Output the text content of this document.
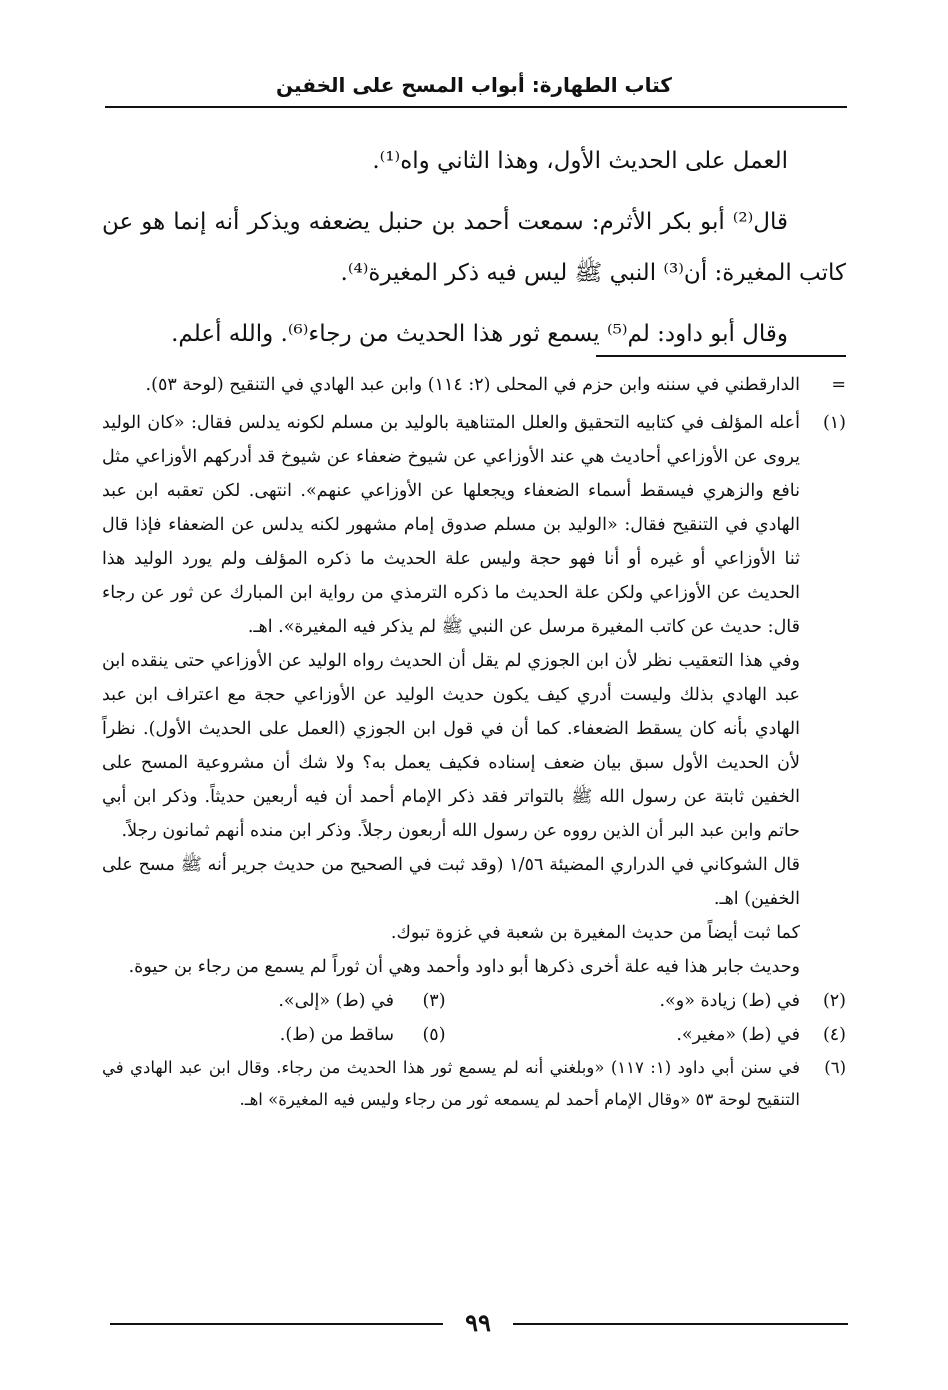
كتاب الطهارة: أبواب المسح على الخفين

العمل على الحديث الأول، وهذا الثاني واه⁽¹⁾.

قال⁽²⁾ أبو بكر الأثرم: سمعت أحمد بن حنبل يضعفه ويذكر أنه إنما هو عن كاتب المغيرة: أن⁽³⁾ النبي ﷺ ليس فيه ذكر المغيرة⁽⁴⁾.

وقال أبو داود: لم⁽⁵⁾ يسمع ثور هذا الحديث من رجاء⁽⁶⁾. والله أعلم.

=

الدارقطني في سننه وابن حزم في المحلى (٢: ١١٤) وابن عبد الهادي في التنقيح (لوحة ٥٣).

(١)

أعله المؤلف في كتابيه التحقيق والعلل المتناهية بالوليد بن مسلم لكونه يدلس فقال: «كان الوليد يروى عن الأوزاعي أحاديث هي عند الأوزاعي عن شيوخ ضعفاء عن شيوخ قد أدركهم الأوزاعي مثل نافع والزهري فيسقط أسماء الضعفاء ويجعلها عن الأوزاعي عنهم». انتهى. لكن تعقبه ابن عبد الهادي في التنقيح فقال: «الوليد بن مسلم صدوق إمام مشهور لكنه يدلس عن الضعفاء فإذا قال ثنا الأوزاعي أو غيره أو أنا فهو حجة وليس علة الحديث ما ذكره المؤلف ولم يورد الوليد هذا الحديث عن الأوزاعي ولكن علة الحديث ما ذكره الترمذي من رواية ابن المبارك عن ثور عن رجاء قال: حديث عن كاتب المغيرة مرسل عن النبي ﷺ لم يذكر فيه المغيرة». اهـ.

وفي هذا التعقيب نظر لأن ابن الجوزي لم يقل أن الحديث رواه الوليد عن الأوزاعي حتى ينقده ابن عبد الهادي بذلك وليست أدري كيف يكون حديث الوليد عن الأوزاعي حجة مع اعتراف ابن عبد الهادي بأنه كان يسقط الضعفاء. كما أن في قول ابن الجوزي (العمل على الحديث الأول). نظراً لأن الحديث الأول سبق بيان ضعف إسناده فكيف يعمل به؟ ولا شك أن مشروعية المسح على الخفين ثابتة عن رسول الله ﷺ بالتواتر فقد ذكر الإمام أحمد أن فيه أربعين حديثاً. وذكر ابن أبي حاتم وابن عبد البر أن الذين رووه عن رسول الله أربعون رجلاً. وذكر ابن منده أنهم ثمانون رجلاً.

قال الشوكاني في الدراري المضيئة ١/٥٦ (وقد ثبت في الصحيح من حديث جرير أنه ﷺ مسح على الخفين) اهـ.

كما ثبت أيضاً من حديث المغيرة بن شعبة في غزوة تبوك.

وحديث جابر هذا فيه علة أخرى ذكرها أبو داود وأحمد وهي أن ثوراً لم يسمع من رجاء بن حيوة.

(٢)
في (ط) زيادة «و».
(٣)
في (ط) «إلى».
(٤)
في (ط) «مغير».
(٥)
ساقط من (ط).
(٦)

في سنن أبي داود (١: ١١٧) «وبلغني أنه لم يسمع ثور هذا الحديث من رجاء. وقال ابن عبد الهادي في التنقيح لوحة ٥٣ «وقال الإمام أحمد لم يسمعه ثور من رجاء وليس فيه المغيرة» اهـ.

٩٩
